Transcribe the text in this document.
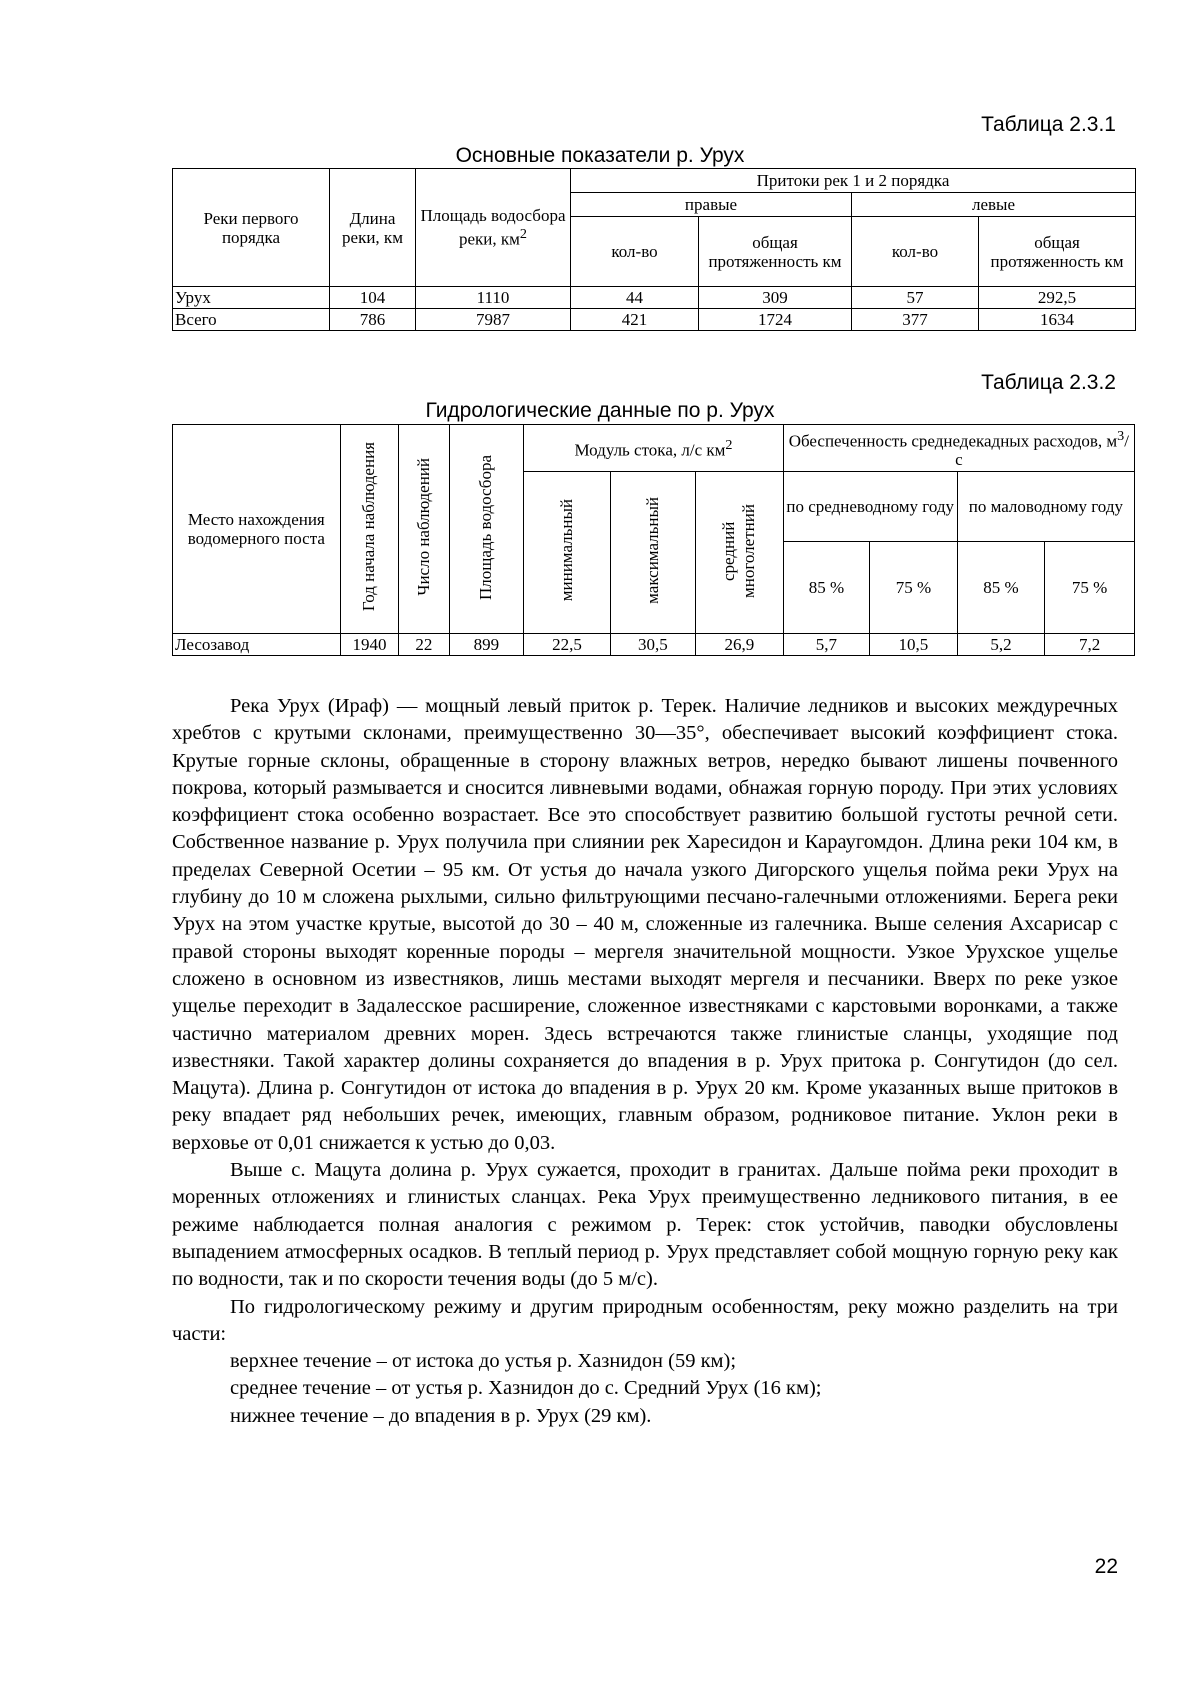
Таблица 2.3.1
Основные показатели р. Урух
Реки первого порядка	Длина реки, км	Площадь водосбора реки, $км^2$	Притоки рек 1 и 2 порядка			
			правые		левые	
			кол-во	общая протяженность км	кол-во	общая протяженность км
Урух	104	1110	44	309	57	292,5
Всего	786	7987	421	1724	377	1634
Таблица 2.3.2
Гидрологические данные по р. Урух
Место нахождения водомерного поста	Год начала наблюдения	Число наблюдений	Площадь водосбора	Модуль стока, л/с $км^2$			Обеспеченность среднедекадных расходов, $м^3/с$			
				минимальный	максимальный	средний многолетний	по средневодному году		по маловодному году	
							85 %	75 %	85 %	75 %
Лесозавод	1940	22	899	22,5	30,5	26,9	5,7	10,5	5,2	7,2

Река Урух (Ираф) — мощный левый приток р. Терек. Наличие ледников и высоких междуречных хребтов с крутыми склонами, преимущественно 30—35°, обеспечивает высокий коэффициент стока. Крутые горные склоны, обращенные в сторону влажных ветров, нередко бывают лишены почвенного покрова, который размывается и сносится ливневыми водами, обнажая горную породу. При этих условиях коэффициент стока особенно возрастает. Все это способствует развитию большой густоты речной сети. Собственное название р. Урух получила при слиянии рек Харесидон и Караугомдон. Длина реки 104 км, в пределах Северной Осетии – 95 км. От устья до начала узкого Дигорского ущелья пойма реки Урух на глубину до 10 м сложена рыхлыми, сильно фильтрующими песчано-галечными отложениями. Берега реки Урух на этом участке крутые, высотой до 30 – 40 м, сложенные из галечника. Выше селения Ахсарисар с правой стороны выходят коренные породы – мергеля значительной мощности. Узкое Урухское ущелье сложено в основном из известняков, лишь местами выходят мергеля и песчаники. Вверх по реке узкое ущелье переходит в Задалесское расширение, сложенное известняками с карстовыми воронками, а также частично материалом древних морен. Здесь встречаются также глинистые сланцы, уходящие под известняки. Такой характер долины сохраняется до впадения в р. Урух притока р. Сонгутидон (до сел. Мацута). Длина р. Сонгутидон от истока до впадения в р. Урух 20 км. Кроме указанных выше притоков в реку впадает ряд небольших речек, имеющих, главным образом, родниковое питание. Уклон реки в верховье от 0,01 снижается к устью до 0,03.

Выше с. Мацута долина р. Урух сужается, проходит в гранитах. Дальше пойма реки проходит в моренных отложениях и глинистых сланцах. Река Урух преимущественно ледникового питания, в ее режиме наблюдается полная аналогия с режимом р. Терек: сток устойчив, паводки обусловлены выпадением атмосферных осадков. В теплый период р. Урух представляет собой мощную горную реку как по водности, так и по скорости течения воды (до 5 м/с).

По гидрологическому режиму и другим природным особенностям, реку можно разделить на три части:

верхнее течение – от истока до устья р. Хазнидон (59 км);

среднее течение – от устья р. Хазнидон до с. Средний Урух (16 км);

нижнее течение – до впадения в р. Урух (29 км).

22
